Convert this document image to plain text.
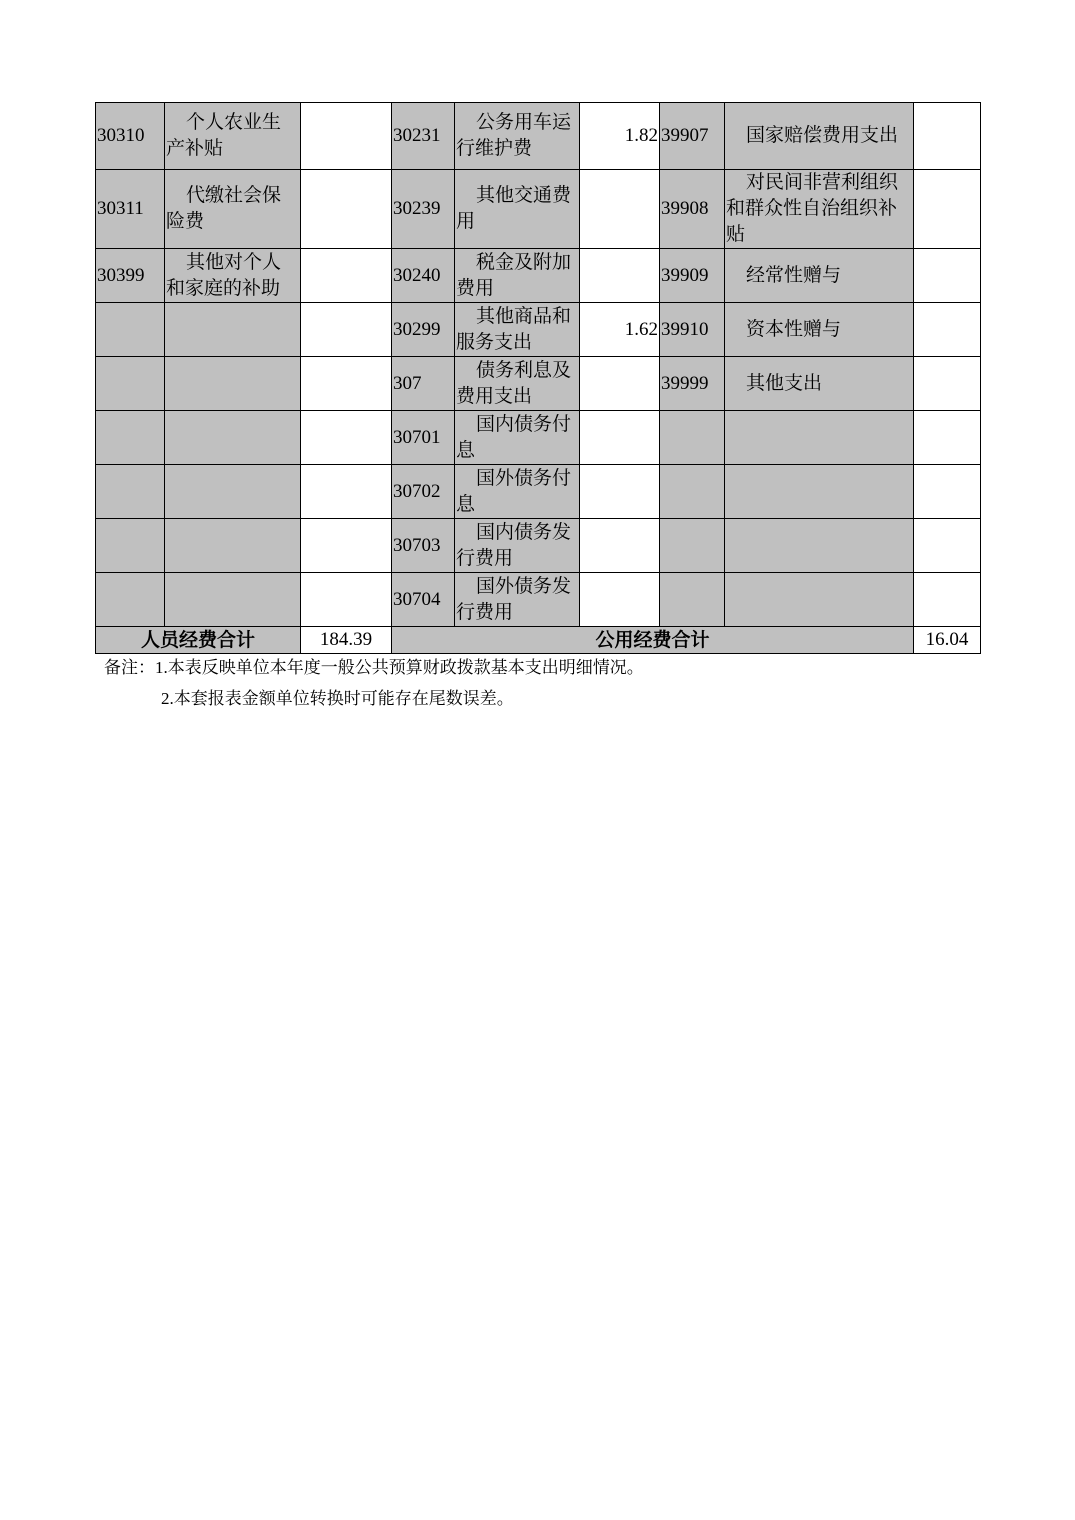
30310	个人农业生产补贴		30231	公务用车运行维护费	1.82	39907	国家赔偿费用支出	
30311	代缴社会保险费		30239	其他交通费用		39908	对民间非营利组织和群众性自治组织补贴	
30399	其他对个人和家庭的补助		30240	税金及附加费用		39909	经常性赠与	
			30299	其他商品和服务支出	1.62	39910	资本性赠与	
			307	债务利息及费用支出		39999	其他支出	
			30701	国内债务付息				
			30702	国外债务付息				
			30703	国内债务发行费用				
			30704	国外债务发行费用				
人员经费合计		184.39	公用经费合计					16.04
备注：1.本表反映单位本年度一般公共预算财政拨款基本支出明细情况。
2.本套报表金额单位转换时可能存在尾数误差。
